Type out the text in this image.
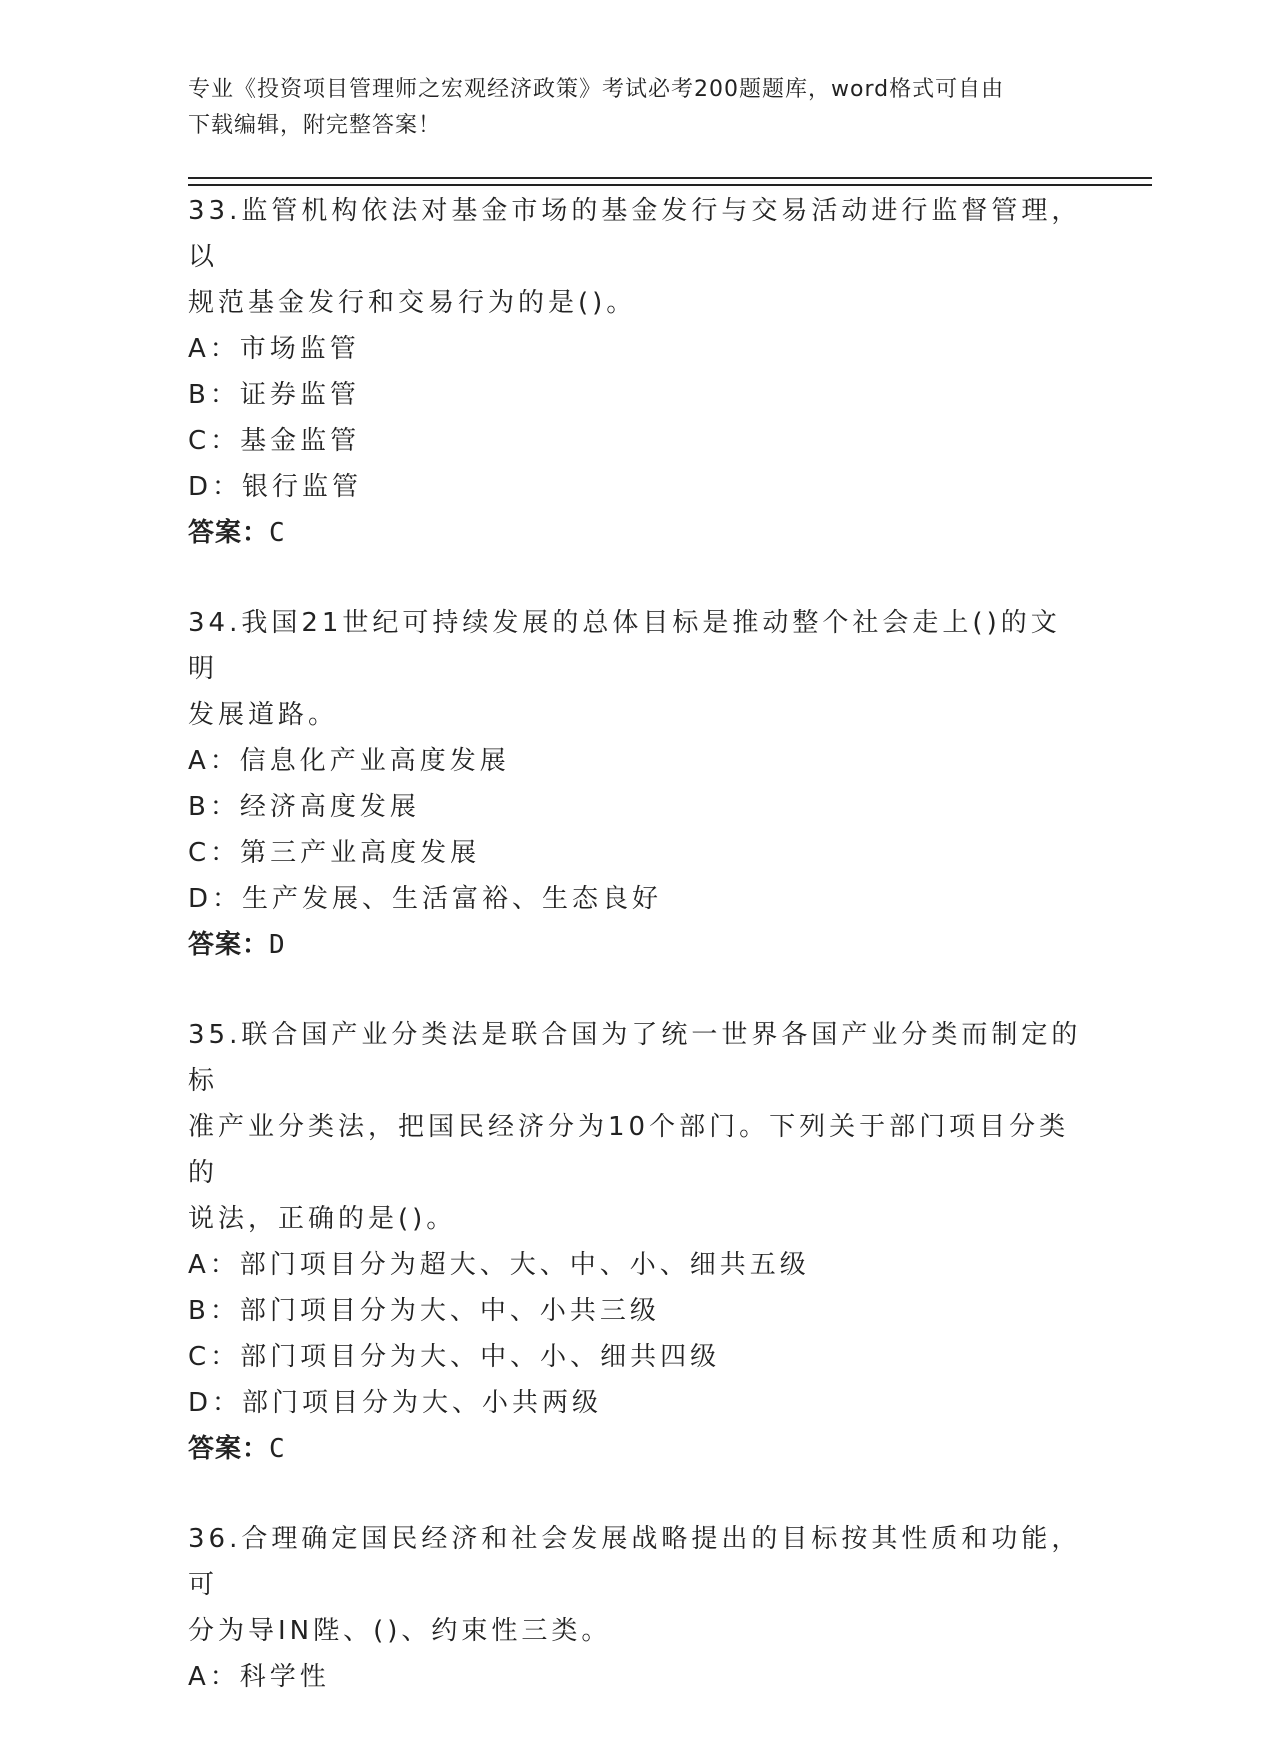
专业《投资项目管理师之宏观经济政策》考试必考200题题库，word格式可自由
下载编辑，附完整答案！
33.监管机构依法对基金市场的基金发行与交易活动进行监督管理，以
规范基金发行和交易行为的是()。
A：市场监管
B：证券监管
C：基金监管
D：银行监管
答案：C
34.我国21世纪可持续发展的总体目标是推动整个社会走上()的文明
发展道路。
A：信息化产业高度发展
B：经济高度发展
C：第三产业高度发展
D：生产发展、生活富裕、生态良好
答案：D
35.联合国产业分类法是联合国为了统一世界各国产业分类而制定的标
准产业分类法，把国民经济分为10个部门。下列关于部门项目分类的
说法，正确的是()。
A：部门项目分为超大、大、中、小、细共五级
B：部门项目分为大、中、小共三级
C：部门项目分为大、中、小、细共四级
D：部门项目分为大、小共两级
答案：C
36.合理确定国民经济和社会发展战略提出的目标按其性质和功能，可
分为导IN陛、()、约束性三类。
A：科学性
